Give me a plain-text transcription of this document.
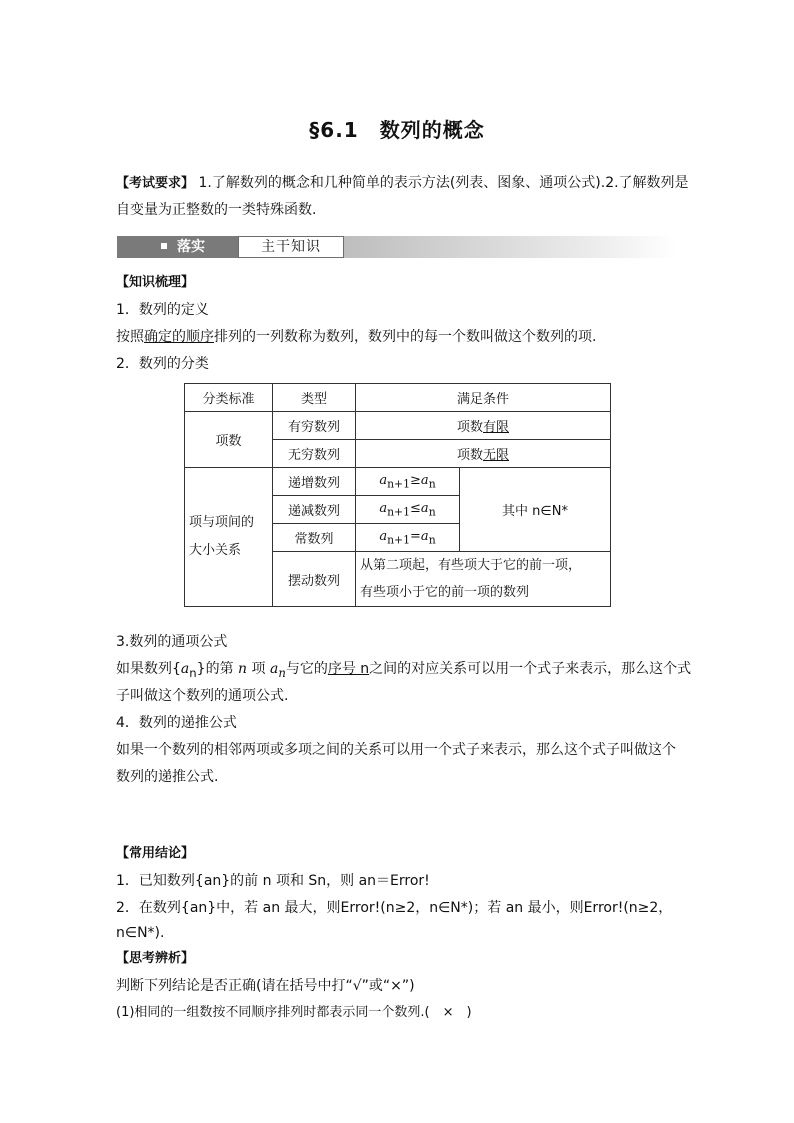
§6.1　数列的概念
【考试要求】 1.了解数列的概念和几种简单的表示方法(列表、图象、通项公式).2.了解数列是
自变量为正整数的一类特殊函数.
落实	主干知识
【知识梳理】
1．数列的定义
按照确定的顺序排列的一列数称为数列，数列中的每一个数叫做这个数列的项.
2．数列的分类
分类标准	类型	满足条件	
项数	有穷数列	项数有限	
	无穷数列	项数无限	

项与项间的
大小关系	递增数列	$a_{n+1}\ge a_n$	其中 n∈N*
	递减数列	$a_{n+1}\le a_n$
	常数列	$a_{n+1}=a_n$
	摆动数列	从第二项起，有些项大于它的前一项，
有些项小于它的前一项的数列	
3.数列的通项公式
如果数列$\{a_n\}$的第 n 项 $a_n$与它的序号 n之间的对应关系可以用一个式子来表示，那么这个式
子叫做这个数列的通项公式.
4．数列的递推公式
如果一个数列的相邻两项或多项之间的关系可以用一个式子来表示，那么这个式子叫做这个
数列的递推公式.
【常用结论】
1．已知数列{an}的前 n 项和 Sn，则 an＝Error!
2．在数列{an}中，若 an 最大，则Error!(n≥2，n∈N*)；若 an 最小，则Error!(n≥2，
n∈N*).
【思考辨析】
判断下列结论是否正确(请在括号中打“√”或“×”)
(1)相同的一组数按不同顺序排列时都表示同一个数列.(　×　)
